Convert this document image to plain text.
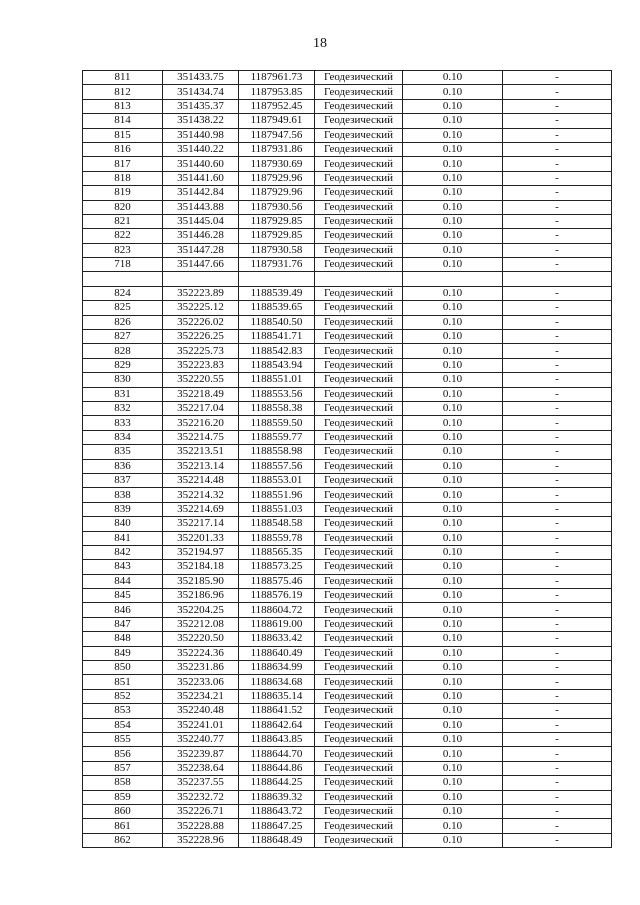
18
811	351433.75	1187961.73	Геодезический	0.10	-
812	351434.74	1187953.85	Геодезический	0.10	-
813	351435.37	1187952.45	Геодезический	0.10	-
814	351438.22	1187949.61	Геодезический	0.10	-
815	351440.98	1187947.56	Геодезический	0.10	-
816	351440.22	1187931.86	Геодезический	0.10	-
817	351440.60	1187930.69	Геодезический	0.10	-
818	351441.60	1187929.96	Геодезический	0.10	-
819	351442.84	1187929.96	Геодезический	0.10	-
820	351443.88	1187930.56	Геодезический	0.10	-
821	351445.04	1187929.85	Геодезический	0.10	-
822	351446.28	1187929.85	Геодезический	0.10	-
823	351447.28	1187930.58	Геодезический	0.10	-
718	351447.66	1187931.76	Геодезический	0.10	-

824	352223.89	1188539.49	Геодезический	0.10	-
825	352225.12	1188539.65	Геодезический	0.10	-
826	352226.02	1188540.50	Геодезический	0.10	-
827	352226.25	1188541.71	Геодезический	0.10	-
828	352225.73	1188542.83	Геодезический	0.10	-
829	352223.83	1188543.94	Геодезический	0.10	-
830	352220.55	1188551.01	Геодезический	0.10	-
831	352218.49	1188553.56	Геодезический	0.10	-
832	352217.04	1188558.38	Геодезический	0.10	-
833	352216.20	1188559.50	Геодезический	0.10	-
834	352214.75	1188559.77	Геодезический	0.10	-
835	352213.51	1188558.98	Геодезический	0.10	-
836	352213.14	1188557.56	Геодезический	0.10	-
837	352214.48	1188553.01	Геодезический	0.10	-
838	352214.32	1188551.96	Геодезический	0.10	-
839	352214.69	1188551.03	Геодезический	0.10	-
840	352217.14	1188548.58	Геодезический	0.10	-
841	352201.33	1188559.78	Геодезический	0.10	-
842	352194.97	1188565.35	Геодезический	0.10	-
843	352184.18	1188573.25	Геодезический	0.10	-
844	352185.90	1188575.46	Геодезический	0.10	-
845	352186.96	1188576.19	Геодезический	0.10	-
846	352204.25	1188604.72	Геодезический	0.10	-
847	352212.08	1188619.00	Геодезический	0.10	-
848	352220.50	1188633.42	Геодезический	0.10	-
849	352224.36	1188640.49	Геодезический	0.10	-
850	352231.86	1188634.99	Геодезический	0.10	-
851	352233.06	1188634.68	Геодезический	0.10	-
852	352234.21	1188635.14	Геодезический	0.10	-
853	352240.48	1188641.52	Геодезический	0.10	-
854	352241.01	1188642.64	Геодезический	0.10	-
855	352240.77	1188643.85	Геодезический	0.10	-
856	352239.87	1188644.70	Геодезический	0.10	-
857	352238.64	1188644.86	Геодезический	0.10	-
858	352237.55	1188644.25	Геодезический	0.10	-
859	352232.72	1188639.32	Геодезический	0.10	-
860	352226.71	1188643.72	Геодезический	0.10	-
861	352228.88	1188647.25	Геодезический	0.10	-
862	352228.96	1188648.49	Геодезический	0.10	-
